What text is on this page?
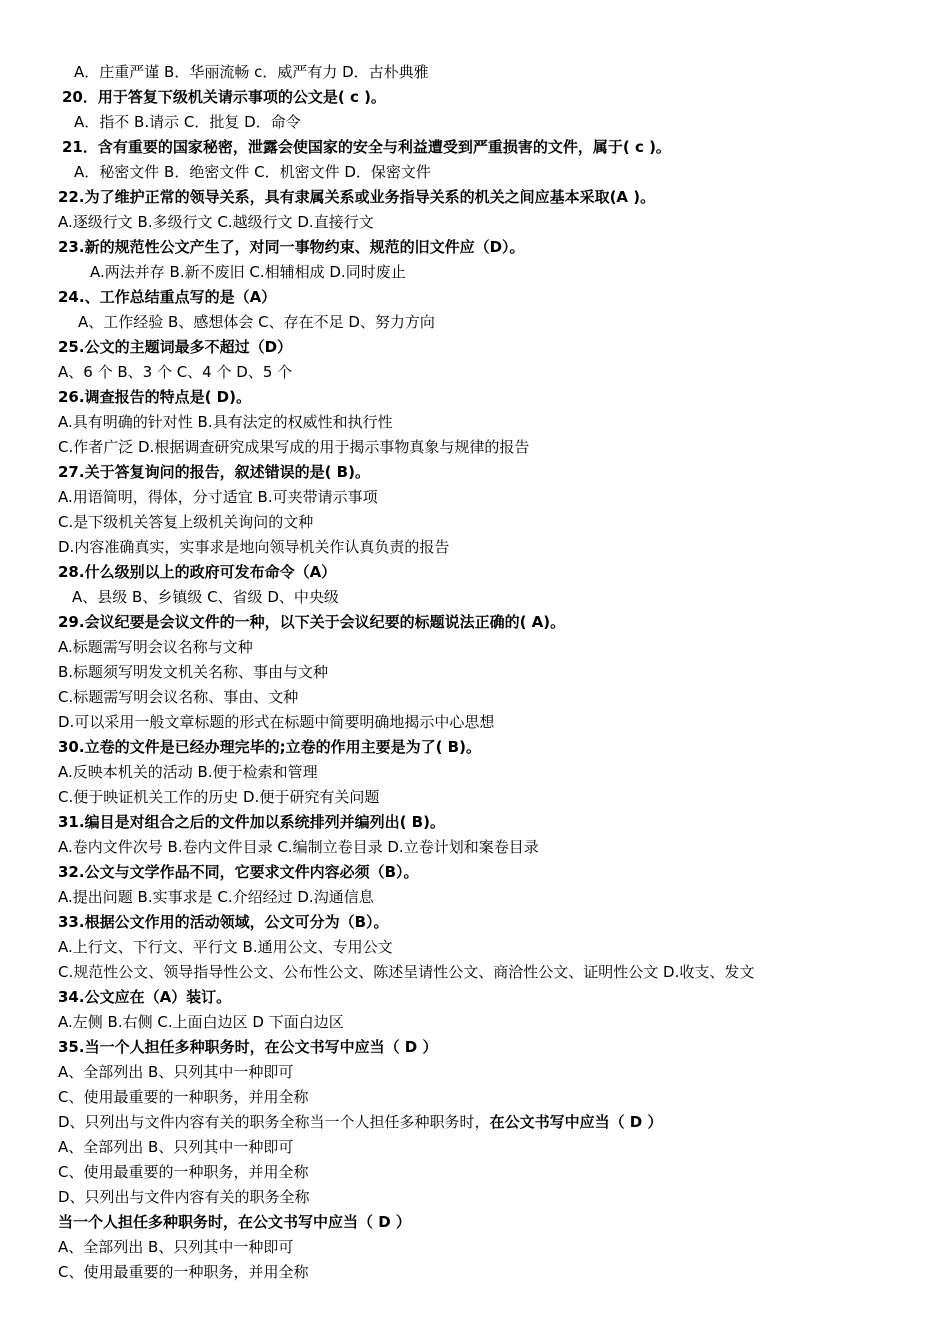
A．庄重严谨 B．华丽流畅 c．威严有力 D．古朴典雅
20．用于答复下级机关请示事项的公文是( c )。
A．指不 B.请示 C．批复 D．命令
21．含有重要的国家秘密，泄露会使国家的安全与利益遭受到严重损害的文件，属于( c )。
A．秘密文件 B．绝密文件 C．机密文件 D．保密文件
22.为了维护正常的领导关系，具有隶属关系或业务指导关系的机关之间应基本采取(A )。
A.逐级行文 B.多级行文 C.越级行文 D.直接行文
23.新的规范性公文产生了，对同一事物约束、规范的旧文件应（D）。
A.两法并存 B.新不废旧 C.相辅相成 D.同时废止
24.、工作总结重点写的是（A）
A、工作经验 B、感想体会 C、存在不足 D、努力方向
25.公文的主题词最多不超过（D）
A、6 个 B、3 个 C、4 个 D、5 个
26.调查报告的特点是( D)。
A.具有明确的针对性 B.具有法定的权威性和执行性
C.作者广泛 D.根据调查研究成果写成的用于揭示事物真象与规律的报告
27.关于答复询问的报告，叙述错误的是( B)。
A.用语简明，得体，分寸适宜 B.可夹带请示事项
C.是下级机关答复上级机关询问的文种
D.内容准确真实，实事求是地向领导机关作认真负责的报告
28.什么级别以上的政府可发布命令（A）
A、县级 B、乡镇级 C、省级 D、中央级
29.会议纪要是会议文件的一种，以下关于会议纪要的标题说法正确的( A)。
A.标题需写明会议名称与文种
B.标题须写明发文机关名称、事由与文种
C.标题需写明会议名称、事由、文种
D.可以采用一般文章标题的形式在标题中简要明确地揭示中心思想
30.立卷的文件是已经办理完毕的;立卷的作用主要是为了( B)。
A.反映本机关的活动 B.便于检索和管理
C.便于映证机关工作的历史 D.便于研究有关问题
31.编目是对组合之后的文件加以系统排列并编列出( B)。
A.卷内文件次号 B.卷内文件目录 C.编制立卷目录 D.立卷计划和案卷目录
32.公文与文学作品不同，它要求文件内容必须（B）。
A.提出问题 B.实事求是 C.介绍经过 D.沟通信息
33.根据公文作用的活动领域，公文可分为（B）。
A.上行文、下行文、平行文 B.通用公文、专用公文
C.规范性公文、领导指导性公文、公布性公文、陈述呈请性公文、商洽性公文、证明性公文 D.收支、发文
34.公文应在（A）装订。
A.左侧 B.右侧 C.上面白边区 D 下面白边区
35.当一个人担任多种职务时，在公文书写中应当（ D ）
A、全部列出 B、只列其中一种即可
C、使用最重要的一种职务，并用全称
D、只列出与文件内容有关的职务全称当一个人担任多种职务时，在公文书写中应当（ D ）
A、全部列出 B、只列其中一种即可
C、使用最重要的一种职务，并用全称
D、只列出与文件内容有关的职务全称
当一个人担任多种职务时，在公文书写中应当（ D ）
A、全部列出 B、只列其中一种即可
C、使用最重要的一种职务，并用全称
